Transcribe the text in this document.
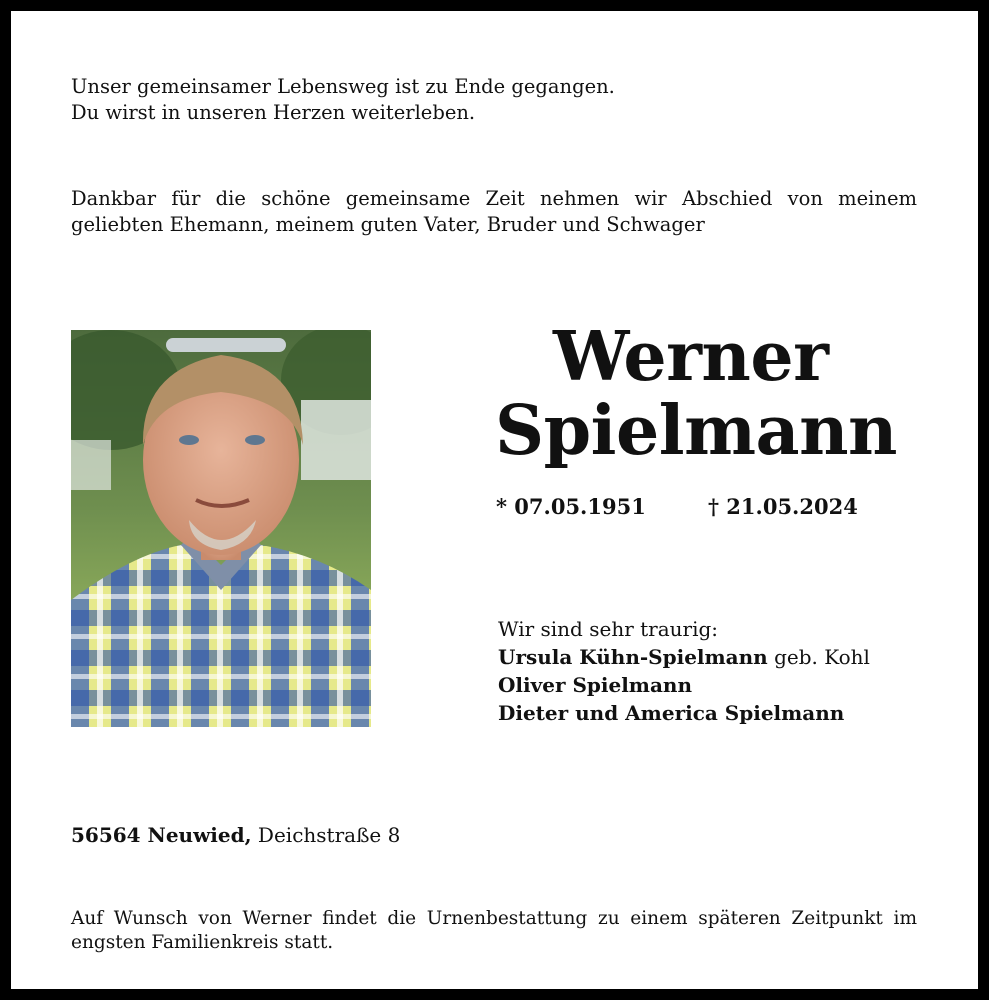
Unser gemeinsamer Lebensweg ist zu Ende gegangen.
Du wirst in unseren Herzen weiterleben.
Dankbar für die schöne gemeinsame Zeit nehmen wir Abschied von meinem
geliebten Ehemann, meinem guten Vater, Bruder und Schwager
Werner
Spielmann
* 07.05.1951	† 21.05.2024
Wir sind sehr traurig:
Ursula Kühn-Spielmann geb. Kohl
Oliver Spielmann
Dieter und America Spielmann
56564 Neuwied, Deichstraße 8
Auf Wunsch von Werner findet die Urnenbestattung zu einem späteren Zeitpunkt im
engsten Familienkreis statt.
